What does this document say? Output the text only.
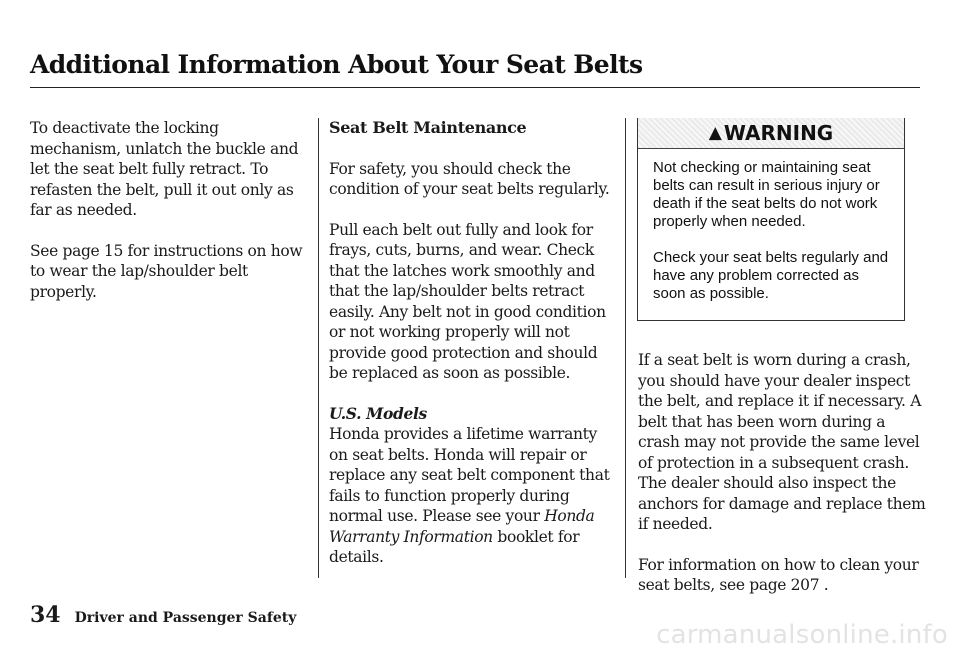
Additional Information About Your Seat Belts

To deactivate the locking mechanism, unlatch the buckle and let the seat belt fully retract. To refasten the belt, pull it out only as far as needed.

See page 15 for instructions on how to wear the lap/shoulder belt properly.

Seat Belt Maintenance

For safety, you should check the condition of your seat belts regularly.

Pull each belt out fully and look for frays, cuts, burns, and wear. Check that the latches work smoothly and that the lap/shoulder belts retract easily. Any belt not in good condition or not working properly will not provide good protection and should be replaced as soon as possible.

U.S. Models

Honda provides a lifetime warranty on seat belts. Honda will repair or replace any seat belt component that fails to function properly during normal use. Please see your Honda Warranty Information booklet for details.

▲ WARNING

Not checking or maintaining seat belts can result in serious injury or death if the seat belts do not work properly when needed.

Check your seat belts regularly and have any problem corrected as soon as possible.

If a seat belt is worn during a crash, you should have your dealer inspect the belt, and replace it if necessary. A belt that has been worn during a crash may not provide the same level of protection in a subsequent crash. The dealer should also inspect the anchors for damage and replace them if needed.

For information on how to clean your seat belts, see page 207 .

34 Driver and Passenger Safety
carmanualsonline.info
